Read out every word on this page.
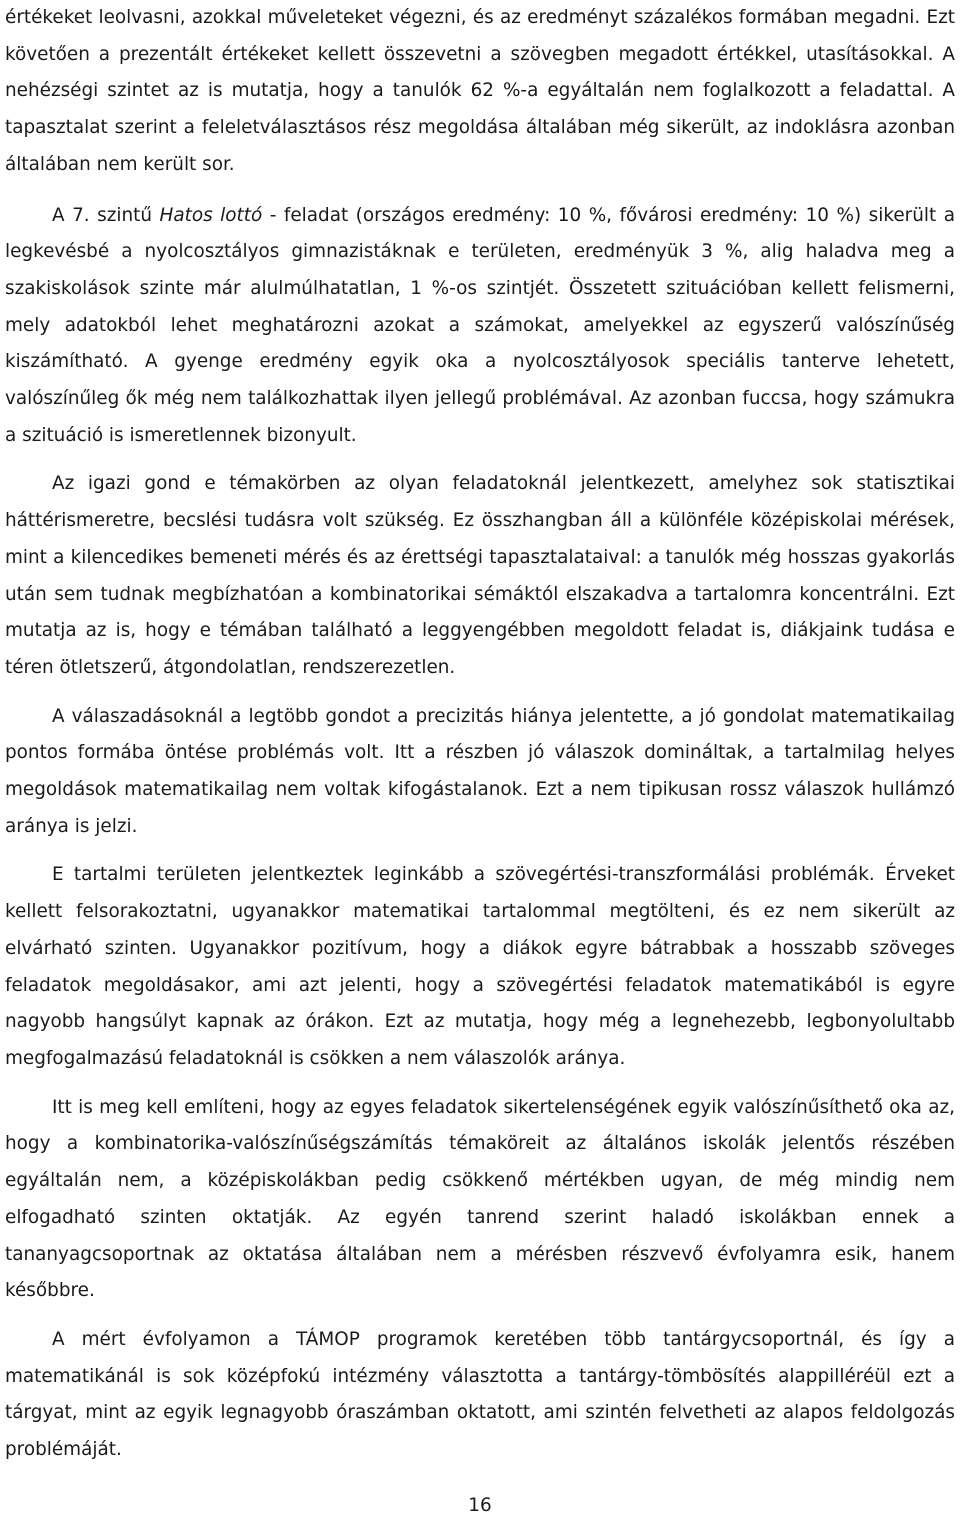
értékeket leolvasni, azokkal műveleteket végezni, és az eredményt százalékos formában megadni. Ezt követően a prezentált értékeket kellett összevetni a szövegben megadott értékkel, utasításokkal. A nehézségi szintet az is mutatja, hogy a tanulók 62 %-a egyáltalán nem foglalkozott a feladattal. A tapasztalat szerint a feleletválasztásos rész megoldása általában még sikerült, az indoklásra azonban általában nem került sor.

A 7. szintű Hatos lottó - feladat (országos eredmény: 10 %, fővárosi eredmény: 10 %) sikerült a legkevésbé a nyolcosztályos gimnazistáknak e területen, eredményük 3 %, alig haladva meg a szakiskolások szinte már alulmúlhatatlan, 1 %-os szintjét. Összetett szituációban kellett felismerni, mely adatokból lehet meghatározni azokat a számokat, amelyekkel az egyszerű valószínűség kiszámítható. A gyenge eredmény egyik oka a nyolcosztályosok speciális tanterve lehetett, valószínűleg ők még nem találkozhattak ilyen jellegű problémával. Az azonban fuccsa, hogy számukra a szituáció is ismeretlennek bizonyult.

Az igazi gond e témakörben az olyan feladatoknál jelentkezett, amelyhez sok statisztikai háttérismeretre, becslési tudásra volt szükség. Ez összhangban áll a különféle középiskolai mérések, mint a kilencedikes bemeneti mérés és az érettségi tapasztalataival: a tanulók még hosszas gyakorlás után sem tudnak megbízhatóan a kombinatorikai sémáktól elszakadva a tartalomra koncentrálni. Ezt mutatja az is, hogy e témában található a leggyengébben megoldott feladat is, diákjaink tudása e téren ötletszerű, átgondolatlan, rendszerezetlen.

A válaszadásoknál a legtöbb gondot a precizitás hiánya jelentette, a jó gondolat matematikailag pontos formába öntése problémás volt. Itt a részben jó válaszok domináltak, a tartalmilag helyes megoldások matematikailag nem voltak kifogástalanok. Ezt a nem tipikusan rossz válaszok hullámzó aránya is jelzi.

E tartalmi területen jelentkeztek leginkább a szövegértési-transzformálási problémák. Érveket kellett felsorakoztatni, ugyanakkor matematikai tartalommal megtölteni, és ez nem sikerült az elvárható szinten. Ugyanakkor pozitívum, hogy a diákok egyre bátrabbak a hosszabb szöveges feladatok megoldásakor, ami azt jelenti, hogy a szövegértési feladatok matematikából is egyre nagyobb hangsúlyt kapnak az órákon. Ezt az mutatja, hogy még a legnehezebb, legbonyolultabb megfogalmazású feladatoknál is csökken a nem válaszolók aránya.

Itt is meg kell említeni, hogy az egyes feladatok sikertelenségének egyik valószínűsíthető oka az, hogy a kombinatorika-valószínűségszámítás témaköreit az általános iskolák jelentős részében egyáltalán nem, a középiskolákban pedig csökkenő mértékben ugyan, de még mindig nem elfogadható szinten oktatják. Az egyén tanrend szerint haladó iskolákban ennek a tananyagcsoportnak az oktatása általában nem a mérésben részvevő évfolyamra esik, hanem későbbre.

A mért évfolyamon a TÁMOP programok keretében több tantárgycsoportnál, és így a matematikánál is sok középfokú intézmény választotta a tantárgy-tömbösítés alappilléréül ezt a tárgyat, mint az egyik legnagyobb óraszámban oktatott, ami szintén felvetheti az alapos feldolgozás problémáját.

16
